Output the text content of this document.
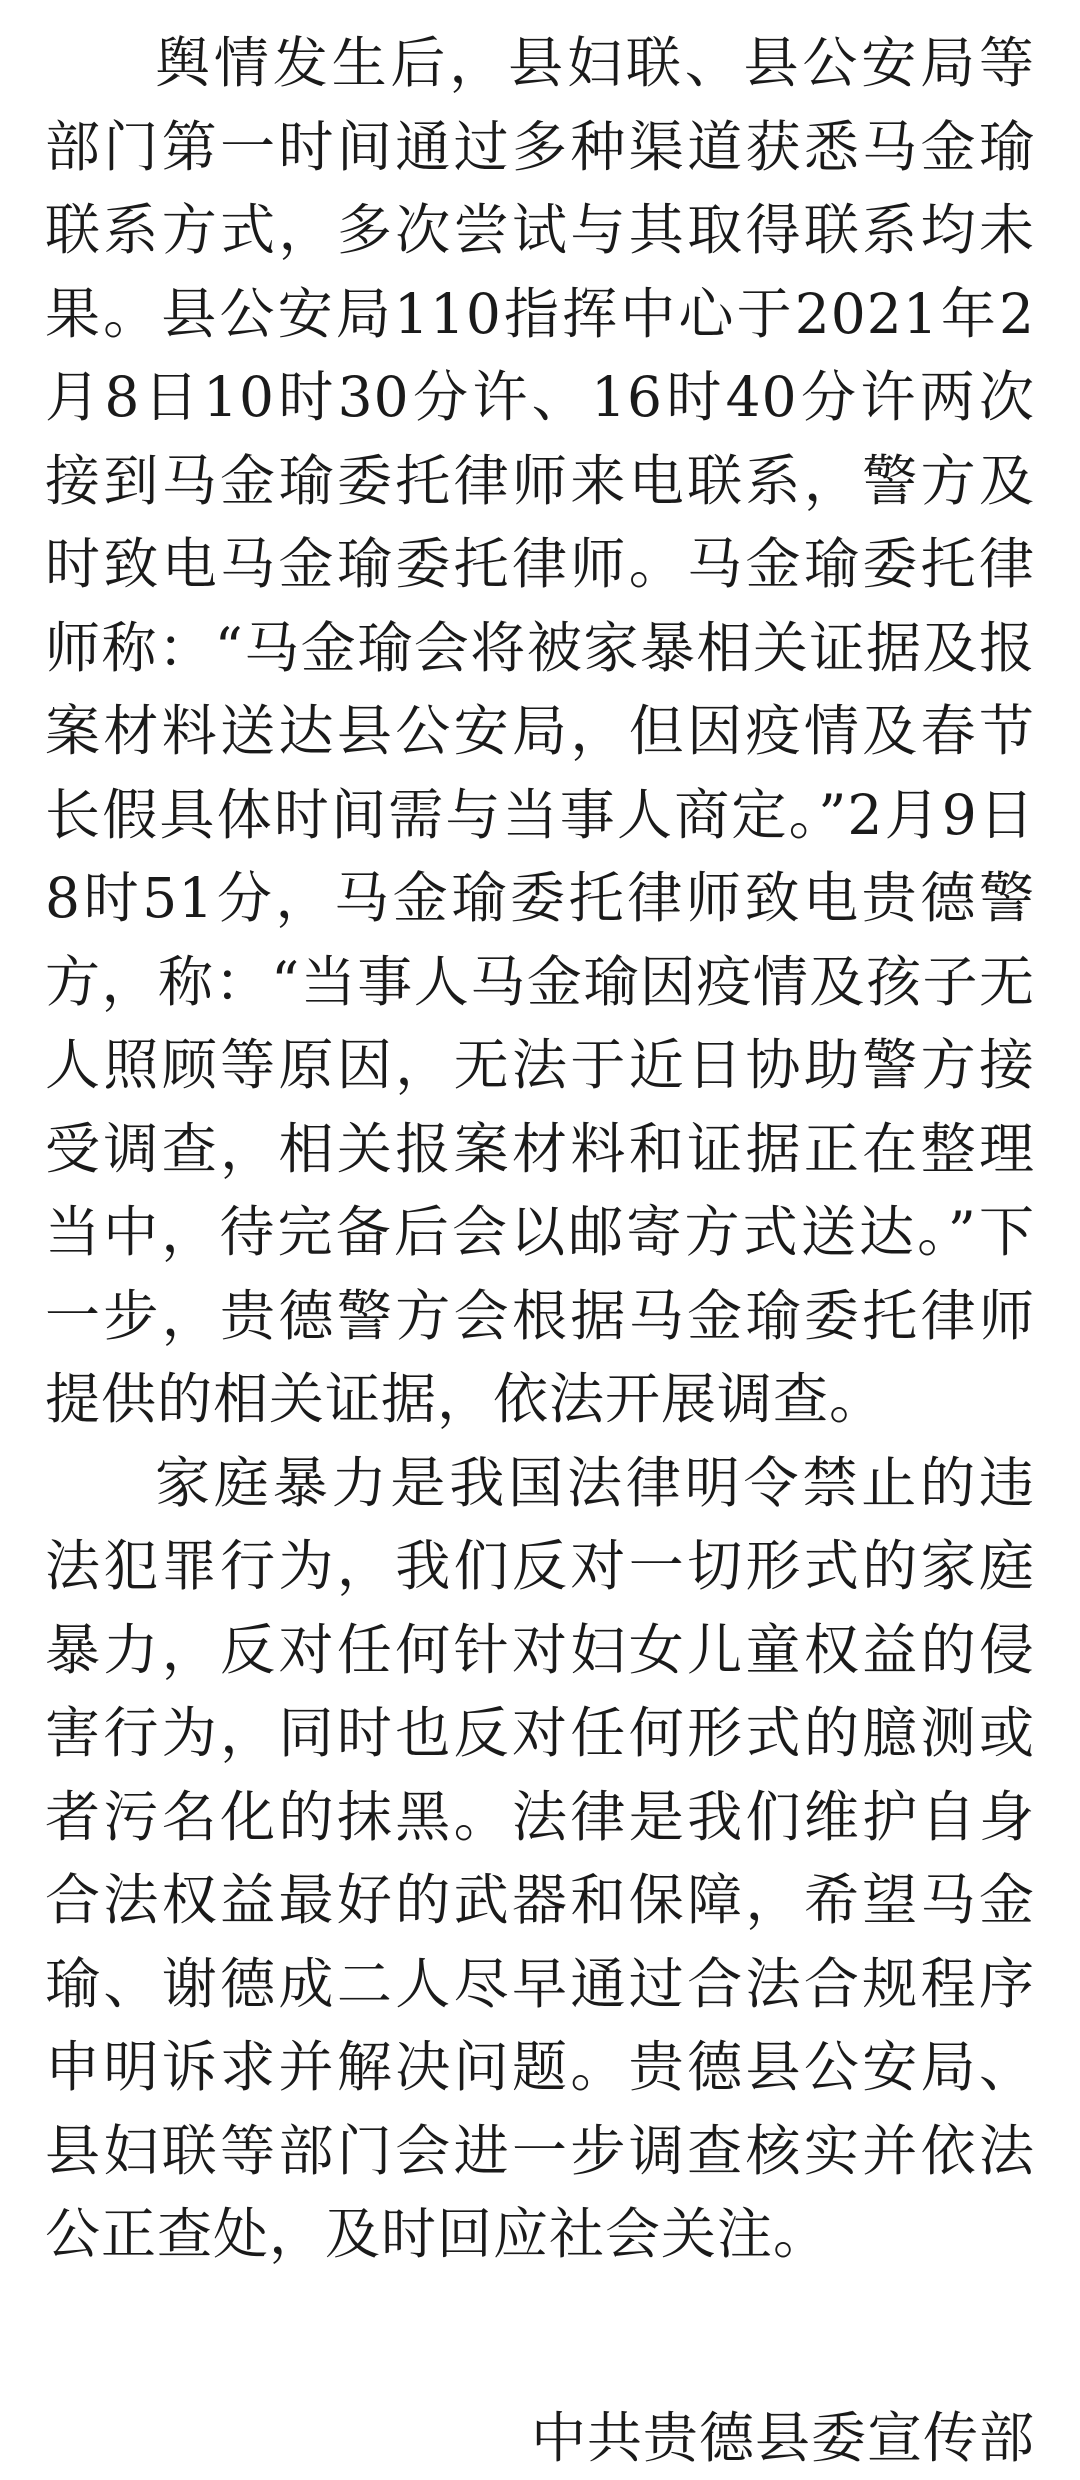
舆情发生后，县妇联、县公安局等部门第一时间通过多种渠道获悉马金瑜联系方式，多次尝试与其取得联系均未果。县公安局110指挥中心于2021年2月8日10时30分许、16时40分许两次接到马金瑜委托律师来电联系，警方及时致电马金瑜委托律师。马金瑜委托律师称：“马金瑜会将被家暴相关证据及报案材料送达县公安局，但因疫情及春节长假具体时间需与当事人商定。”2月9日8时51分，马金瑜委托律师致电贵德警方，称：“当事人马金瑜因疫情及孩子无人照顾等原因，无法于近日协助警方接受调查，相关报案材料和证据正在整理当中，待完备后会以邮寄方式送达。”下一步，贵德警方会根据马金瑜委托律师提供的相关证据，依法开展调查。

家庭暴力是我国法律明令禁止的违法犯罪行为，我们反对一切形式的家庭暴力，反对任何针对妇女儿童权益的侵害行为，同时也反对任何形式的臆测或者污名化的抹黑。法律是我们维护自身合法权益最好的武器和保障，希望马金瑜、谢德成二人尽早通过合法合规程序申明诉求并解决问题。贵德县公安局、县妇联等部门会进一步调查核实并依法公正查处，及时回应社会关注。

中共贵德县委宣传部
